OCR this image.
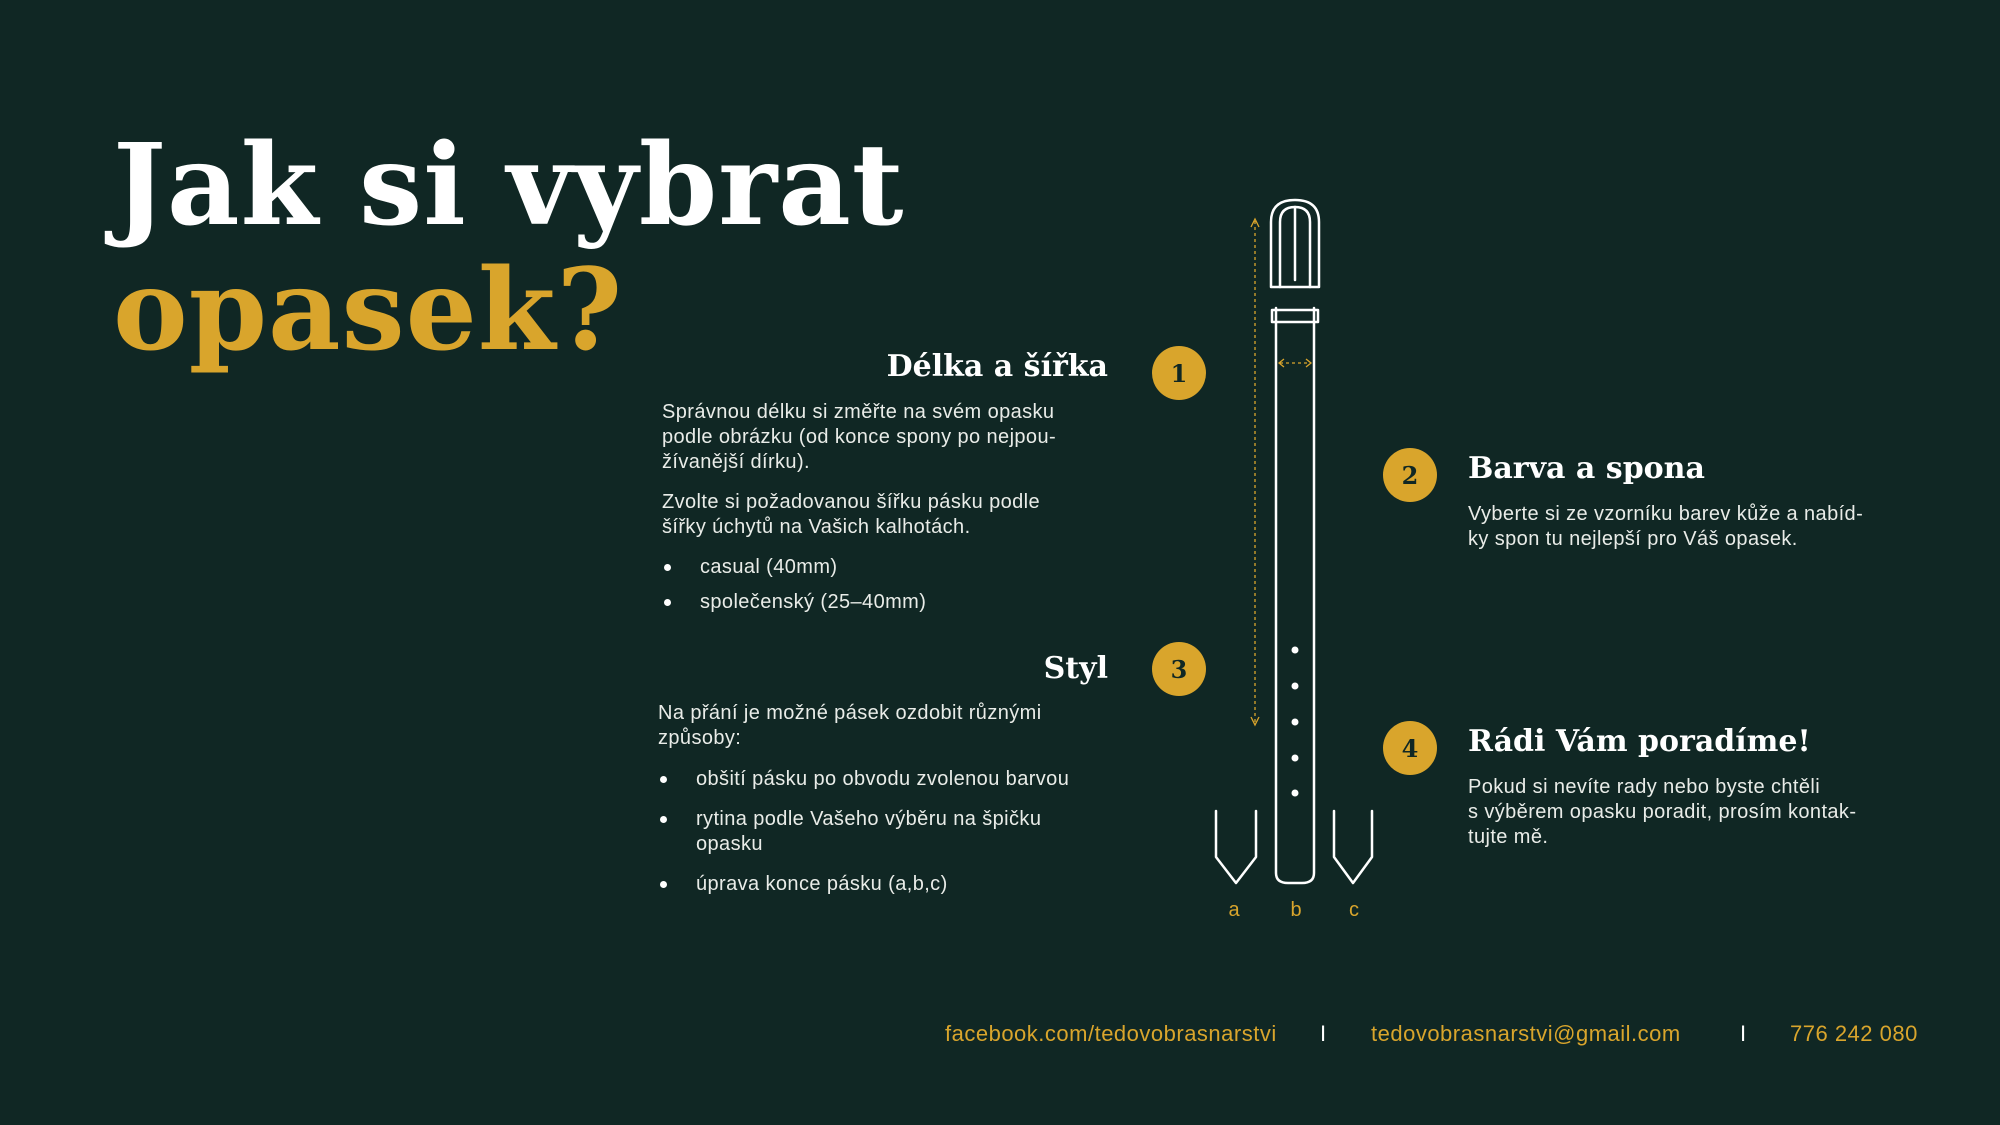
Jak si vybrat
opasek?	Délka a šířka	1

Správnou délku si změřte na svém opasku
podle obrázku (od konce spony po nejpou-
žívanější dírku).

Zvolte si požadovanou šířku pásku podle
šířky úchytů na Vašich kalhotách.

casual (40mm)
společenský (25–40mm)
Styl	3

Na přání je možné pásek ozdobit různými
způsoby:

obšití pásku po obvodu zvolenou barvou
rytina podle Vašeho výběru na špičku
opasku
úprava konce pásku (a,b,c)
2	Barva a spona

Vyberte si ze vzorníku barev kůže a nabíd-
ky spon tu nejlepší pro Váš opasek.

4	Rádi Vám poradíme!

Pokud si nevíte rady nebo byste chtěli
s výběrem opasku poradit, prosím kontak-
tujte mě.

a	b	c
facebook.com/tedovobrasnarstvi I tedovobrasnarstvi@gmail.com	I 776 242 080
